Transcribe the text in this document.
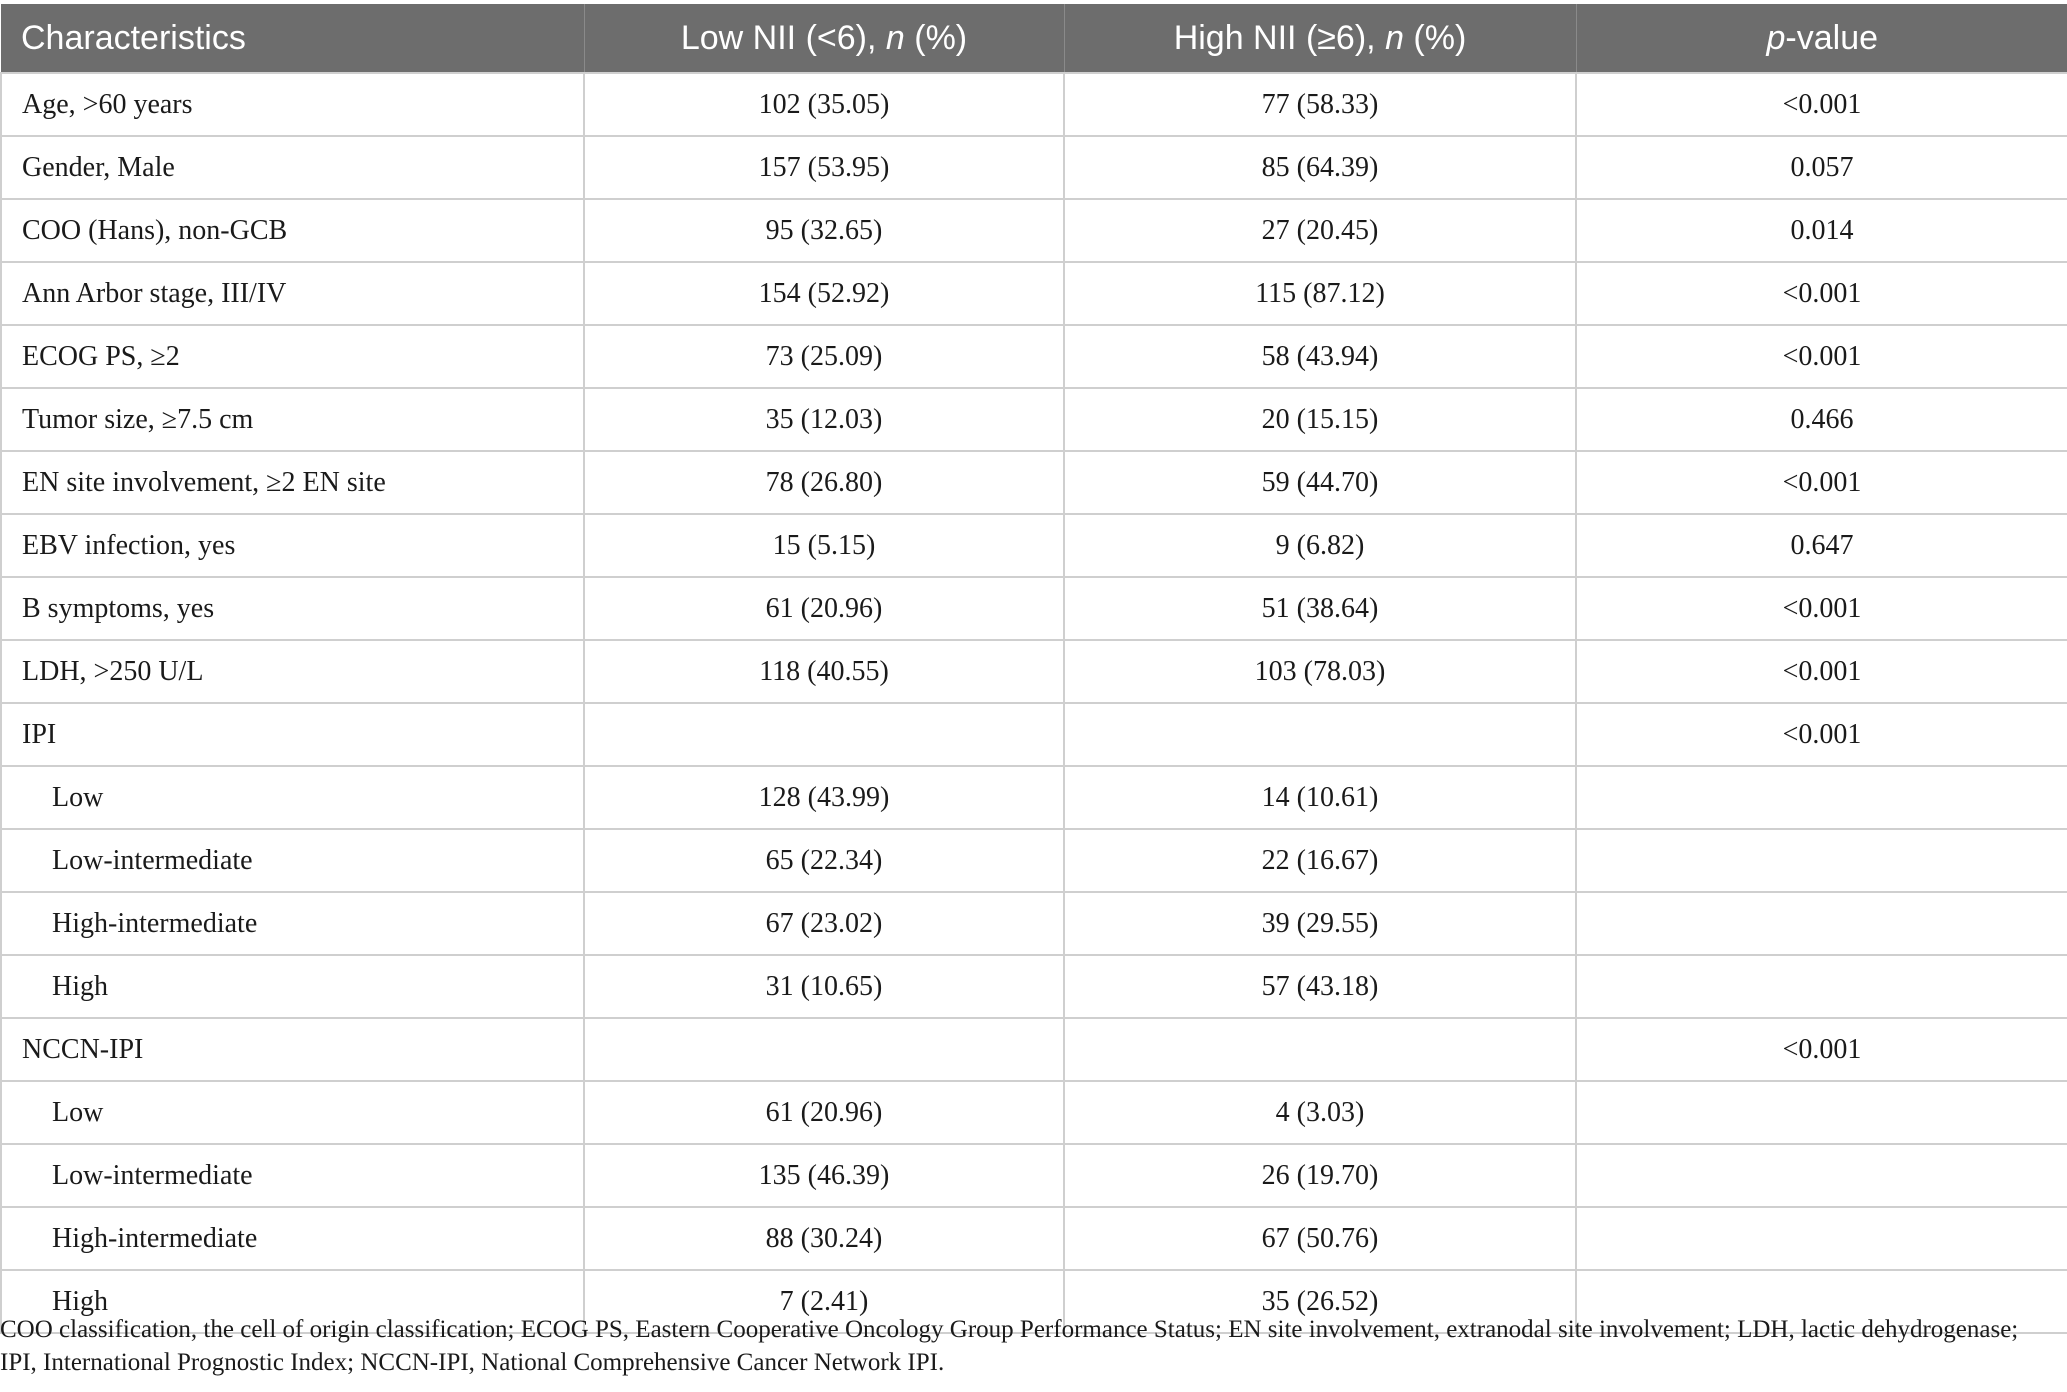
Characteristics	Low NII (<6), n (%)	High NII (≥6), n (%)	p-value
Age, >60 years	102 (35.05)	77 (58.33)	<0.001
Gender, Male	157 (53.95)	85 (64.39)	0.057
COO (Hans), non-GCB	95 (32.65)	27 (20.45)	0.014
Ann Arbor stage, III/IV	154 (52.92)	115 (87.12)	<0.001
ECOG PS, ≥2	73 (25.09)	58 (43.94)	<0.001
Tumor size, ≥7.5 cm	35 (12.03)	20 (15.15)	0.466
EN site involvement, ≥2 EN site	78 (26.80)	59 (44.70)	<0.001
EBV infection, yes	15 (5.15)	9 (6.82)	0.647
B symptoms, yes	61 (20.96)	51 (38.64)	<0.001
LDH, >250 U/L	118 (40.55)	103 (78.03)	<0.001
IPI			<0.001
Low	128 (43.99)	14 (10.61)	
Low-intermediate	65 (22.34)	22 (16.67)	
High-intermediate	67 (23.02)	39 (29.55)	
High	31 (10.65)	57 (43.18)	
NCCN-IPI			<0.001
Low	61 (20.96)	4 (3.03)	
Low-intermediate	135 (46.39)	26 (19.70)	
High-intermediate	88 (30.24)	67 (50.76)	
High	7 (2.41)	35 (26.52)	
COO classification, the cell of origin classification; ECOG PS, Eastern Cooperative Oncology Group Performance Status; EN site involvement, extranodal site involvement; LDH, lactic dehydrogenase; IPI, International Prognostic Index; NCCN-IPI, National Comprehensive Cancer Network IPI.
